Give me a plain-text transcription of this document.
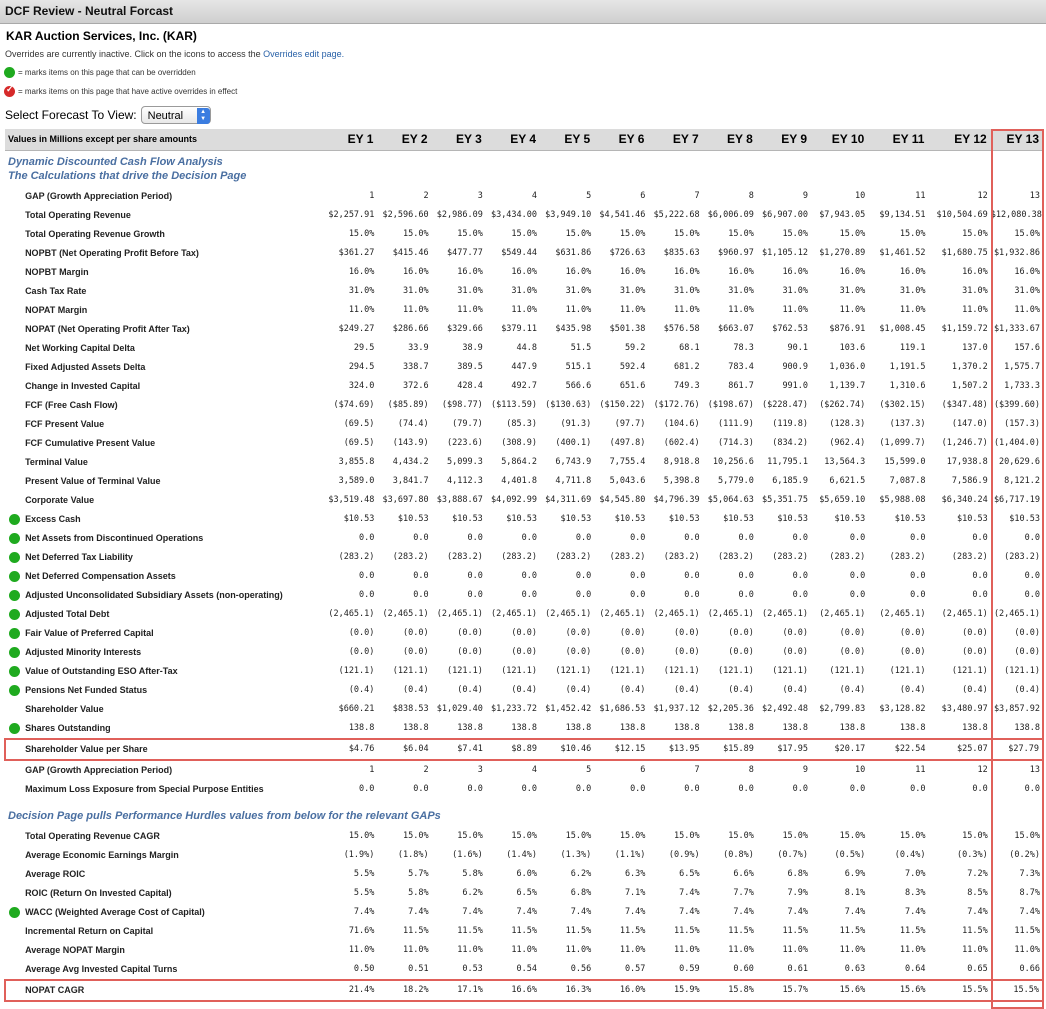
DCF Review - Neutral Forcast
KAR Auction Services, Inc. (KAR)
Overrides are currently inactive. Click on the icons to access the Overrides edit page.
= marks items on this page that can be overridden
✓
= marks items on this page that have active overrides in effect
Select Forecast To View: Neutral	▲
▼
Values in Millions except per share amounts		EY 1	EY 2	EY 3	EY 4	EY 5	EY 6	EY 7	EY 8	EY 9	EY 10	EY 11	EY 12	EY 13

Dynamic Discounted Cash Flow Analysis														
The Calculations that drive the Decision Page														

	GAP (Growth Appreciation Period)	1	2	3	4	5	6	7	8	9	10	11	12	13
	Total Operating Revenue	$2,257.91	$2,596.60	$2,986.09	$3,434.00	$3,949.10	$4,541.46	$5,222.68	$6,006.09	$6,907.00	$7,943.05	$9,134.51	$10,504.69	$12,080.38
	Total Operating Revenue Growth	15.0%	15.0%	15.0%	15.0%	15.0%	15.0%	15.0%	15.0%	15.0%	15.0%	15.0%	15.0%	15.0%
	NOPBT (Net Operating Profit Before Tax)	$361.27	$415.46	$477.77	$549.44	$631.86	$726.63	$835.63	$960.97	$1,105.12	$1,270.89	$1,461.52	$1,680.75	$1,932.86
	NOPBT Margin	16.0%	16.0%	16.0%	16.0%	16.0%	16.0%	16.0%	16.0%	16.0%	16.0%	16.0%	16.0%	16.0%
	Cash Tax Rate	31.0%	31.0%	31.0%	31.0%	31.0%	31.0%	31.0%	31.0%	31.0%	31.0%	31.0%	31.0%	31.0%
	NOPAT Margin	11.0%	11.0%	11.0%	11.0%	11.0%	11.0%	11.0%	11.0%	11.0%	11.0%	11.0%	11.0%	11.0%
	NOPAT (Net Operating Profit After Tax)	$249.27	$286.66	$329.66	$379.11	$435.98	$501.38	$576.58	$663.07	$762.53	$876.91	$1,008.45	$1,159.72	$1,333.67
	Net Working Capital Delta	29.5	33.9	38.9	44.8	51.5	59.2	68.1	78.3	90.1	103.6	119.1	137.0	157.6
	Fixed Adjusted Assets Delta	294.5	338.7	389.5	447.9	515.1	592.4	681.2	783.4	900.9	1,036.0	1,191.5	1,370.2	1,575.7
	Change in Invested Capital	324.0	372.6	428.4	492.7	566.6	651.6	749.3	861.7	991.0	1,139.7	1,310.6	1,507.2	1,733.3
	FCF (Free Cash Flow)	($74.69)	($85.89)	($98.77)	($113.59)	($130.63)	($150.22)	($172.76)	($198.67)	($228.47)	($262.74)	($302.15)	($347.48)	($399.60)
	FCF Present Value	(69.5)	(74.4)	(79.7)	(85.3)	(91.3)	(97.7)	(104.6)	(111.9)	(119.8)	(128.3)	(137.3)	(147.0)	(157.3)
	FCF Cumulative Present Value	(69.5)	(143.9)	(223.6)	(308.9)	(400.1)	(497.8)	(602.4)	(714.3)	(834.2)	(962.4)	(1,099.7)	(1,246.7)	(1,404.0)
	Terminal Value	3,855.8	4,434.2	5,099.3	5,864.2	6,743.9	7,755.4	8,918.8	10,256.6	11,795.1	13,564.3	15,599.0	17,938.8	20,629.6
	Present Value of Terminal Value	3,589.0	3,841.7	4,112.3	4,401.8	4,711.8	5,043.6	5,398.8	5,779.0	6,185.9	6,621.5	7,087.8	7,586.9	8,121.2
	Corporate Value	$3,519.48	$3,697.80	$3,888.67	$4,092.99	$4,311.69	$4,545.80	$4,796.39	$5,064.63	$5,351.75	$5,659.10	$5,988.08	$6,340.24	$6,717.19
	Excess Cash	$10.53	$10.53	$10.53	$10.53	$10.53	$10.53	$10.53	$10.53	$10.53	$10.53	$10.53	$10.53	$10.53
	Net Assets from Discontinued Operations	0.0	0.0	0.0	0.0	0.0	0.0	0.0	0.0	0.0	0.0	0.0	0.0	0.0
	Net Deferred Tax Liability	(283.2)	(283.2)	(283.2)	(283.2)	(283.2)	(283.2)	(283.2)	(283.2)	(283.2)	(283.2)	(283.2)	(283.2)	(283.2)
	Net Deferred Compensation Assets	0.0	0.0	0.0	0.0	0.0	0.0	0.0	0.0	0.0	0.0	0.0	0.0	0.0
	Adjusted Unconsolidated Subsidiary Assets (non-operating)	0.0	0.0	0.0	0.0	0.0	0.0	0.0	0.0	0.0	0.0	0.0	0.0	0.0
	Adjusted Total Debt	(2,465.1)	(2,465.1)	(2,465.1)	(2,465.1)	(2,465.1)	(2,465.1)	(2,465.1)	(2,465.1)	(2,465.1)	(2,465.1)	(2,465.1)	(2,465.1)	(2,465.1)
	Fair Value of Preferred Capital	(0.0)	(0.0)	(0.0)	(0.0)	(0.0)	(0.0)	(0.0)	(0.0)	(0.0)	(0.0)	(0.0)	(0.0)	(0.0)
	Adjusted Minority Interests	(0.0)	(0.0)	(0.0)	(0.0)	(0.0)	(0.0)	(0.0)	(0.0)	(0.0)	(0.0)	(0.0)	(0.0)	(0.0)
	Value of Outstanding ESO After-Tax	(121.1)	(121.1)	(121.1)	(121.1)	(121.1)	(121.1)	(121.1)	(121.1)	(121.1)	(121.1)	(121.1)	(121.1)	(121.1)
	Pensions Net Funded Status	(0.4)	(0.4)	(0.4)	(0.4)	(0.4)	(0.4)	(0.4)	(0.4)	(0.4)	(0.4)	(0.4)	(0.4)	(0.4)
	Shareholder Value	$660.21	$838.53	$1,029.40	$1,233.72	$1,452.42	$1,686.53	$1,937.12	$2,205.36	$2,492.48	$2,799.83	$3,128.82	$3,480.97	$3,857.92
	Shares Outstanding	138.8	138.8	138.8	138.8	138.8	138.8	138.8	138.8	138.8	138.8	138.8	138.8	138.8
	Shareholder Value per Share	$4.76	$6.04	$7.41	$8.89	$10.46	$12.15	$13.95	$15.89	$17.95	$20.17	$22.54	$25.07	$27.79
	GAP (Growth Appreciation Period)	1	2	3	4	5	6	7	8	9	10	11	12	13
	Maximum Loss Exposure from Special Purpose Entities	0.0	0.0	0.0	0.0	0.0	0.0	0.0	0.0	0.0	0.0	0.0	0.0	0.0

Decision Page pulls Performance Hurdles values from below for the relevant GAPs														

	Total Operating Revenue CAGR	15.0%	15.0%	15.0%	15.0%	15.0%	15.0%	15.0%	15.0%	15.0%	15.0%	15.0%	15.0%	15.0%
	Average Economic Earnings Margin	(1.9%)	(1.8%)	(1.6%)	(1.4%)	(1.3%)	(1.1%)	(0.9%)	(0.8%)	(0.7%)	(0.5%)	(0.4%)	(0.3%)	(0.2%)
	Average ROIC	5.5%	5.7%	5.8%	6.0%	6.2%	6.3%	6.5%	6.6%	6.8%	6.9%	7.0%	7.2%	7.3%
	ROIC (Return On Invested Capital)	5.5%	5.8%	6.2%	6.5%	6.8%	7.1%	7.4%	7.7%	7.9%	8.1%	8.3%	8.5%	8.7%
	WACC (Weighted Average Cost of Capital)	7.4%	7.4%	7.4%	7.4%	7.4%	7.4%	7.4%	7.4%	7.4%	7.4%	7.4%	7.4%	7.4%
	Incremental Return on Capital	71.6%	11.5%	11.5%	11.5%	11.5%	11.5%	11.5%	11.5%	11.5%	11.5%	11.5%	11.5%	11.5%
	Average NOPAT Margin	11.0%	11.0%	11.0%	11.0%	11.0%	11.0%	11.0%	11.0%	11.0%	11.0%	11.0%	11.0%	11.0%
	Average Avg Invested Capital Turns	0.50	0.51	0.53	0.54	0.56	0.57	0.59	0.60	0.61	0.63	0.64	0.65	0.66
	NOPAT CAGR	21.4%	18.2%	17.1%	16.6%	16.3%	16.0%	15.9%	15.8%	15.7%	15.6%	15.6%	15.5%	15.5%
